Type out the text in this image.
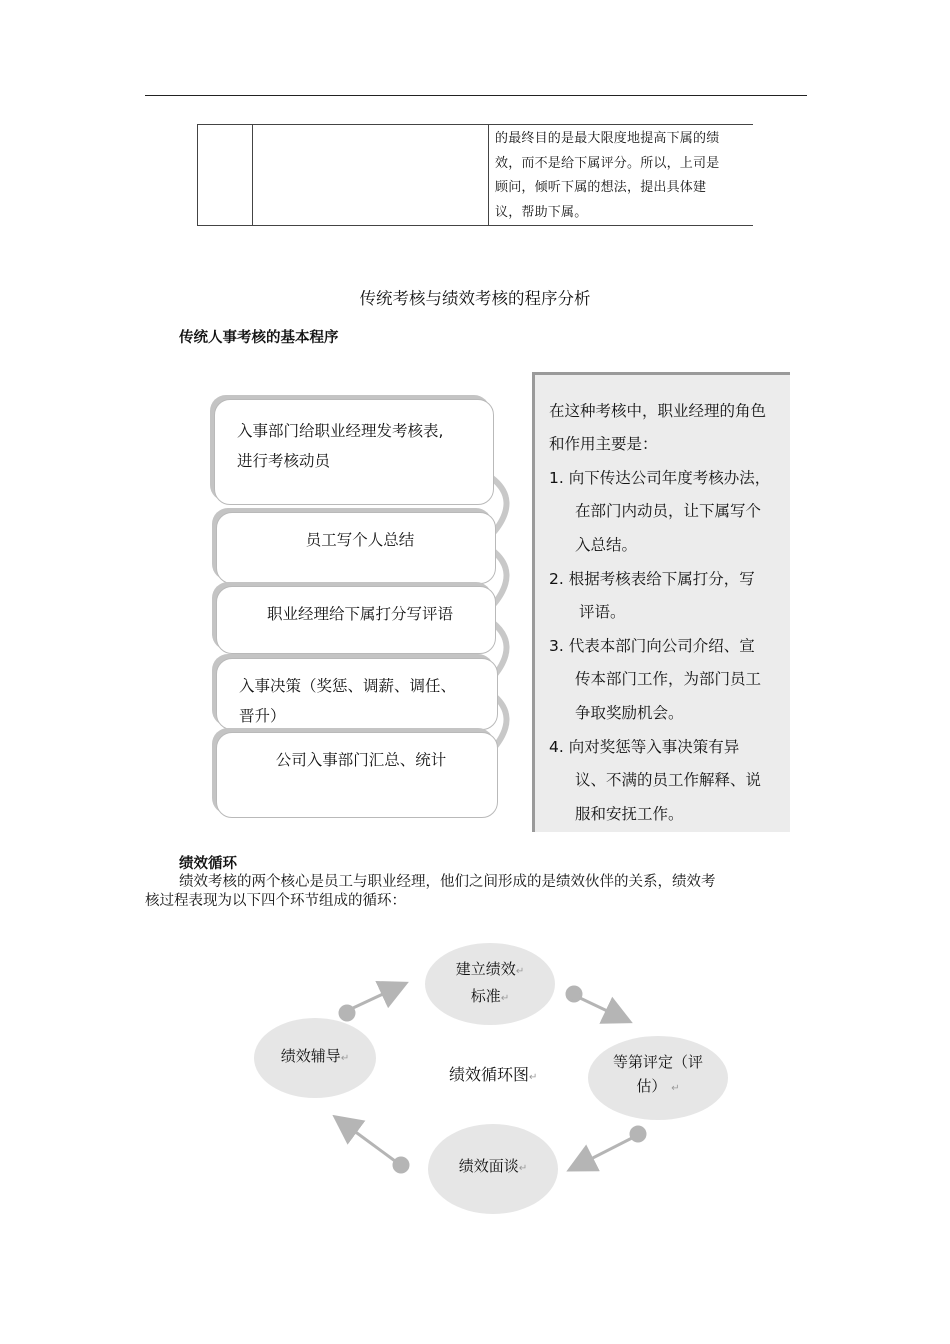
的最终目的是最大限度地提高下属的绩
效，而不是给下属评分。所以，上司是
顾问，倾听下属的想法，提出具体建
议，帮助下属。
传统考核与绩效考核的程序分析
传统人事考核的基本程序
入事部门给职业经理发考核表,
进行考核动员
员工写个人总结
职业经理给下属打分写评语
入事决策（奖惩、调薪、调任、
晋升）
公司入事部门汇总、统计
在这种考核中，职业经理的角色
和作用主要是：
1. 向下传达公司年度考核办法，
在部门内动员，让下属写个
入总结。
2. 根据考核表给下属打分，写
评语。
3. 代表本部门向公司介绍、宣
传本部门工作，为部门员工
争取奖励机会。
4. 向对奖惩等入事决策有异
议、不满的员工作解释、说
服和安抚工作。
绩效循环
绩效考核的两个核心是员工与职业经理，他们之间形成的是绩效伙伴的关系，绩效考
核过程表现为以下四个环节组成的循环：
建立绩效↵
标准↵
绩效辅导↵	等第评定（评
估） ↵
绩效面谈↵
绩效循环图↵
